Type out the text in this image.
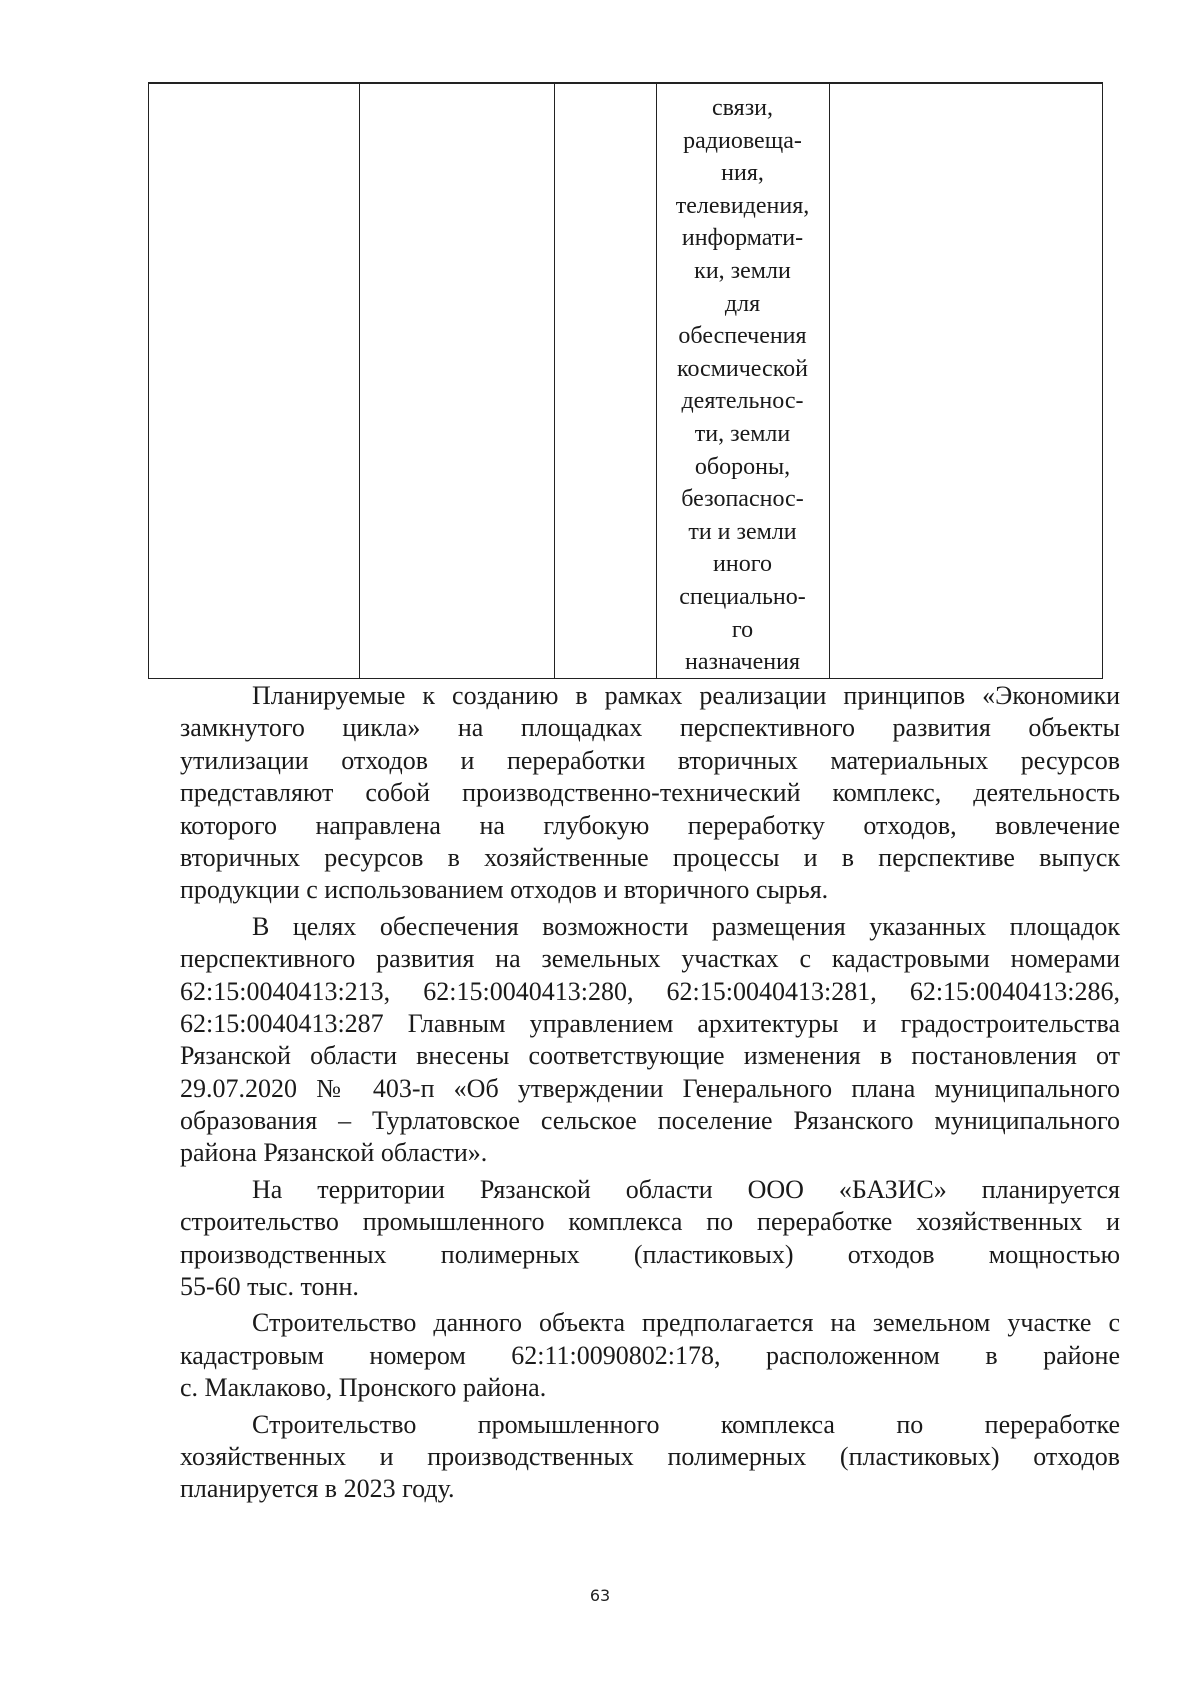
связи,
радиовеща-
ния,
телевидения,
информати-
ки, земли
для
обеспечения
космической
деятельнос-
ти, земли
обороны,
безопаснос-
ти и земли
иного
специально-
го
назначения
Планируемые к созданию в рамках реализации принципов «Экономики
замкнутого цикла» на площадках перспективного развития объекты
утилизации отходов и переработки вторичных материальных ресурсов
представляют собой производственно-технический комплекс, деятельность
которого направлена на глубокую переработку отходов, вовлечение
вторичных ресурсов в хозяйственные процессы и в перспективе выпуск
продукции с использованием отходов и вторичного сырья.
В целях обеспечения возможности размещения указанных площадок
перспективного развития на земельных участках с кадастровыми номерами
62:15:0040413:213, 62:15:0040413:280, 62:15:0040413:281, 62:15:0040413:286,
62:15:0040413:287 Главным управлением архитектуры и градостроительства
Рязанской области внесены соответствующие изменения в постановления от
29.07.2020 № 403-п «Об утверждении Генерального плана муниципального
образования – Турлатовское сельское поселение Рязанского муниципального
района Рязанской области».
На территории Рязанской области ООО «БАЗИС» планируется
строительство промышленного комплекса по переработке хозяйственных и
производственных полимерных (пластиковых) отходов мощностью
55-60 тыс. тонн.
Строительство данного объекта предполагается на земельном участке с
кадастровым номером 62:11:0090802:178, расположенном в районе
с. Маклаково, Пронского района.
Строительство промышленного комплекса по переработке
хозяйственных и производственных полимерных (пластиковых) отходов
планируется в 2023 году.
63
